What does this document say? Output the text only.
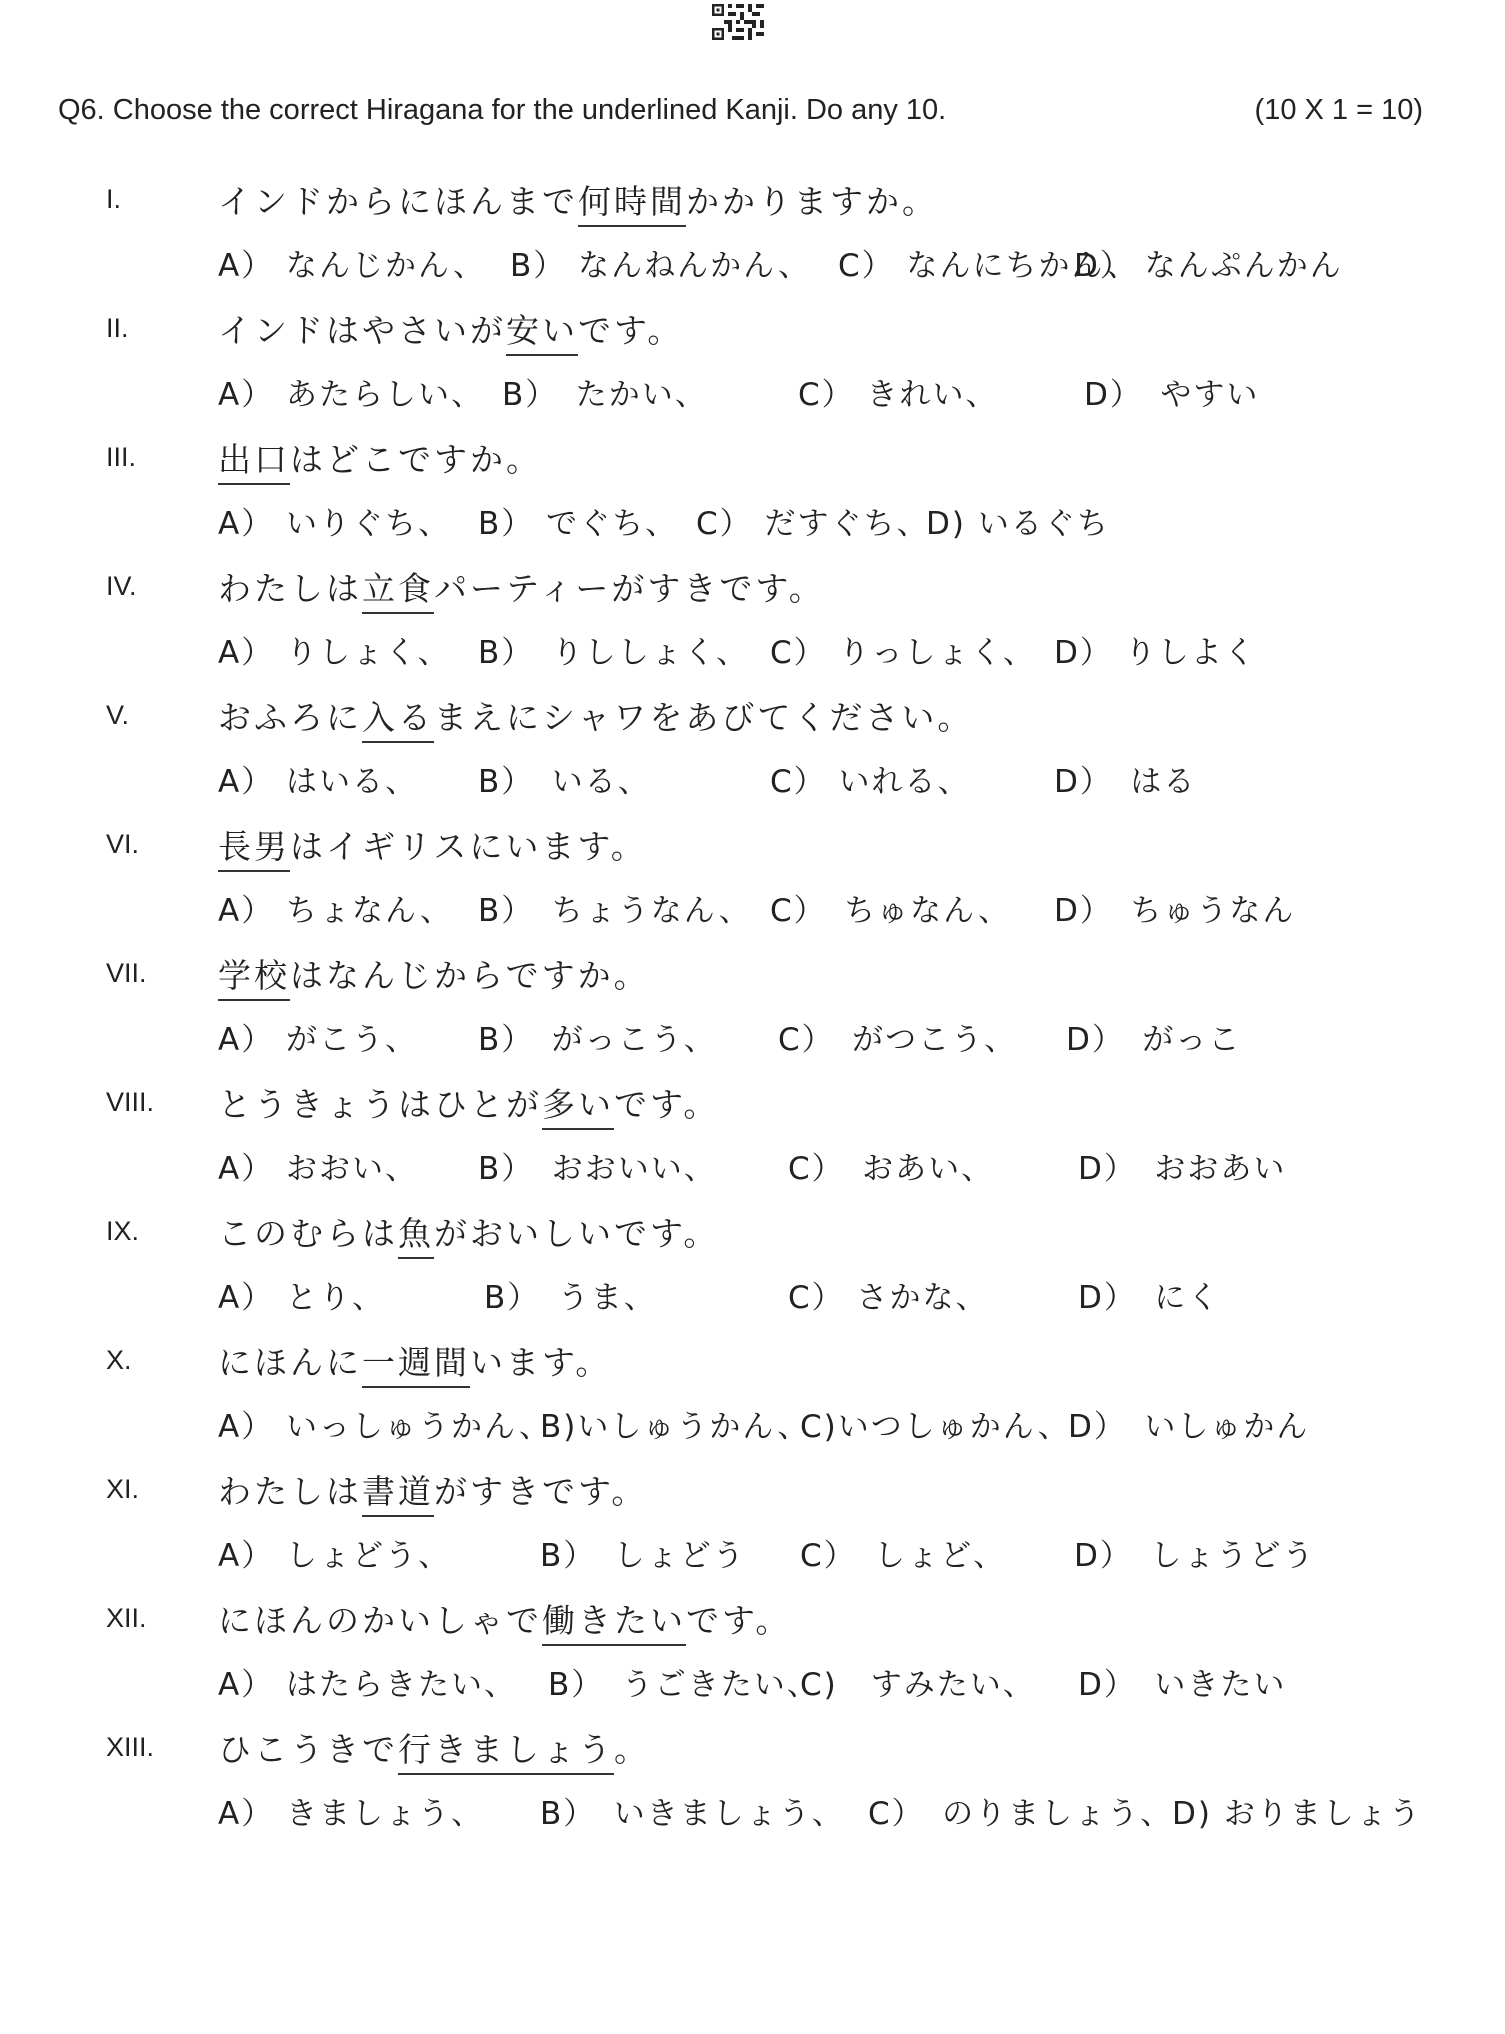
Q6. Choose the correct Hiragana for the underlined Kanji. Do any 10.	(10 X 1 = 10)
I.	インドからにほんまで何時間かかりますか。
A） なんじかん、 B） なんねんかん、 C） なんにちかん、
D） なんぷんかん
II.	インドはやさいが安いです。
A） あたらしい、 B）　たかい、	C） きれい、	D）　やすい
III. 出口はどこですか。
A） いりぐち、 B） でぐち、 C） だすぐち、
D) いるぐち
IV. わたしは立食パーティーがすきです。
A） りしょく、 B）　りししょく、 C） りっしょく、 D） りしよく
V.	おふろに入るまえにシャワをあびてください。
A） はいる、 B）　いる、	C） いれる、	D）　はる
VI. 長男はイギリスにいます。
A） ちょなん、 B）　ちょうなん、 C）　ちゅなん、 D）　ちゅうなん
VII. 学校はなんじからですか。
A） がこう、 B）　がっこう、 C）　がつこう、 D）　がっこ
VIII. とうきょうはひとが多いです。
A） おおい、 B）　おおいい、 C）　おあい、	D）　おおあい
IX. このむらは魚がおいしいです。
A） とり、	B）　うま、	C） さかな、	D）　にく
X.	にほんに一週間います。
A） いっしゅうかん、
B)いしゅうかん、
C)いつしゅかん、
D）　いしゅかん
XI. わたしは書道がすきです。
A） しょどう、	B）　しょどう C）　しょど、 D）　しょうどう
XII. にほんのかいしゃで働きたいです。
A） はたらきたい、 B）　うごきたい、
C)　すみたい、 D）　いきたい
XIII. ひこうきで行きましょう。
A） きましょう、 B）　いきましょう、 C）　のりましょう、
D) おりましょう
